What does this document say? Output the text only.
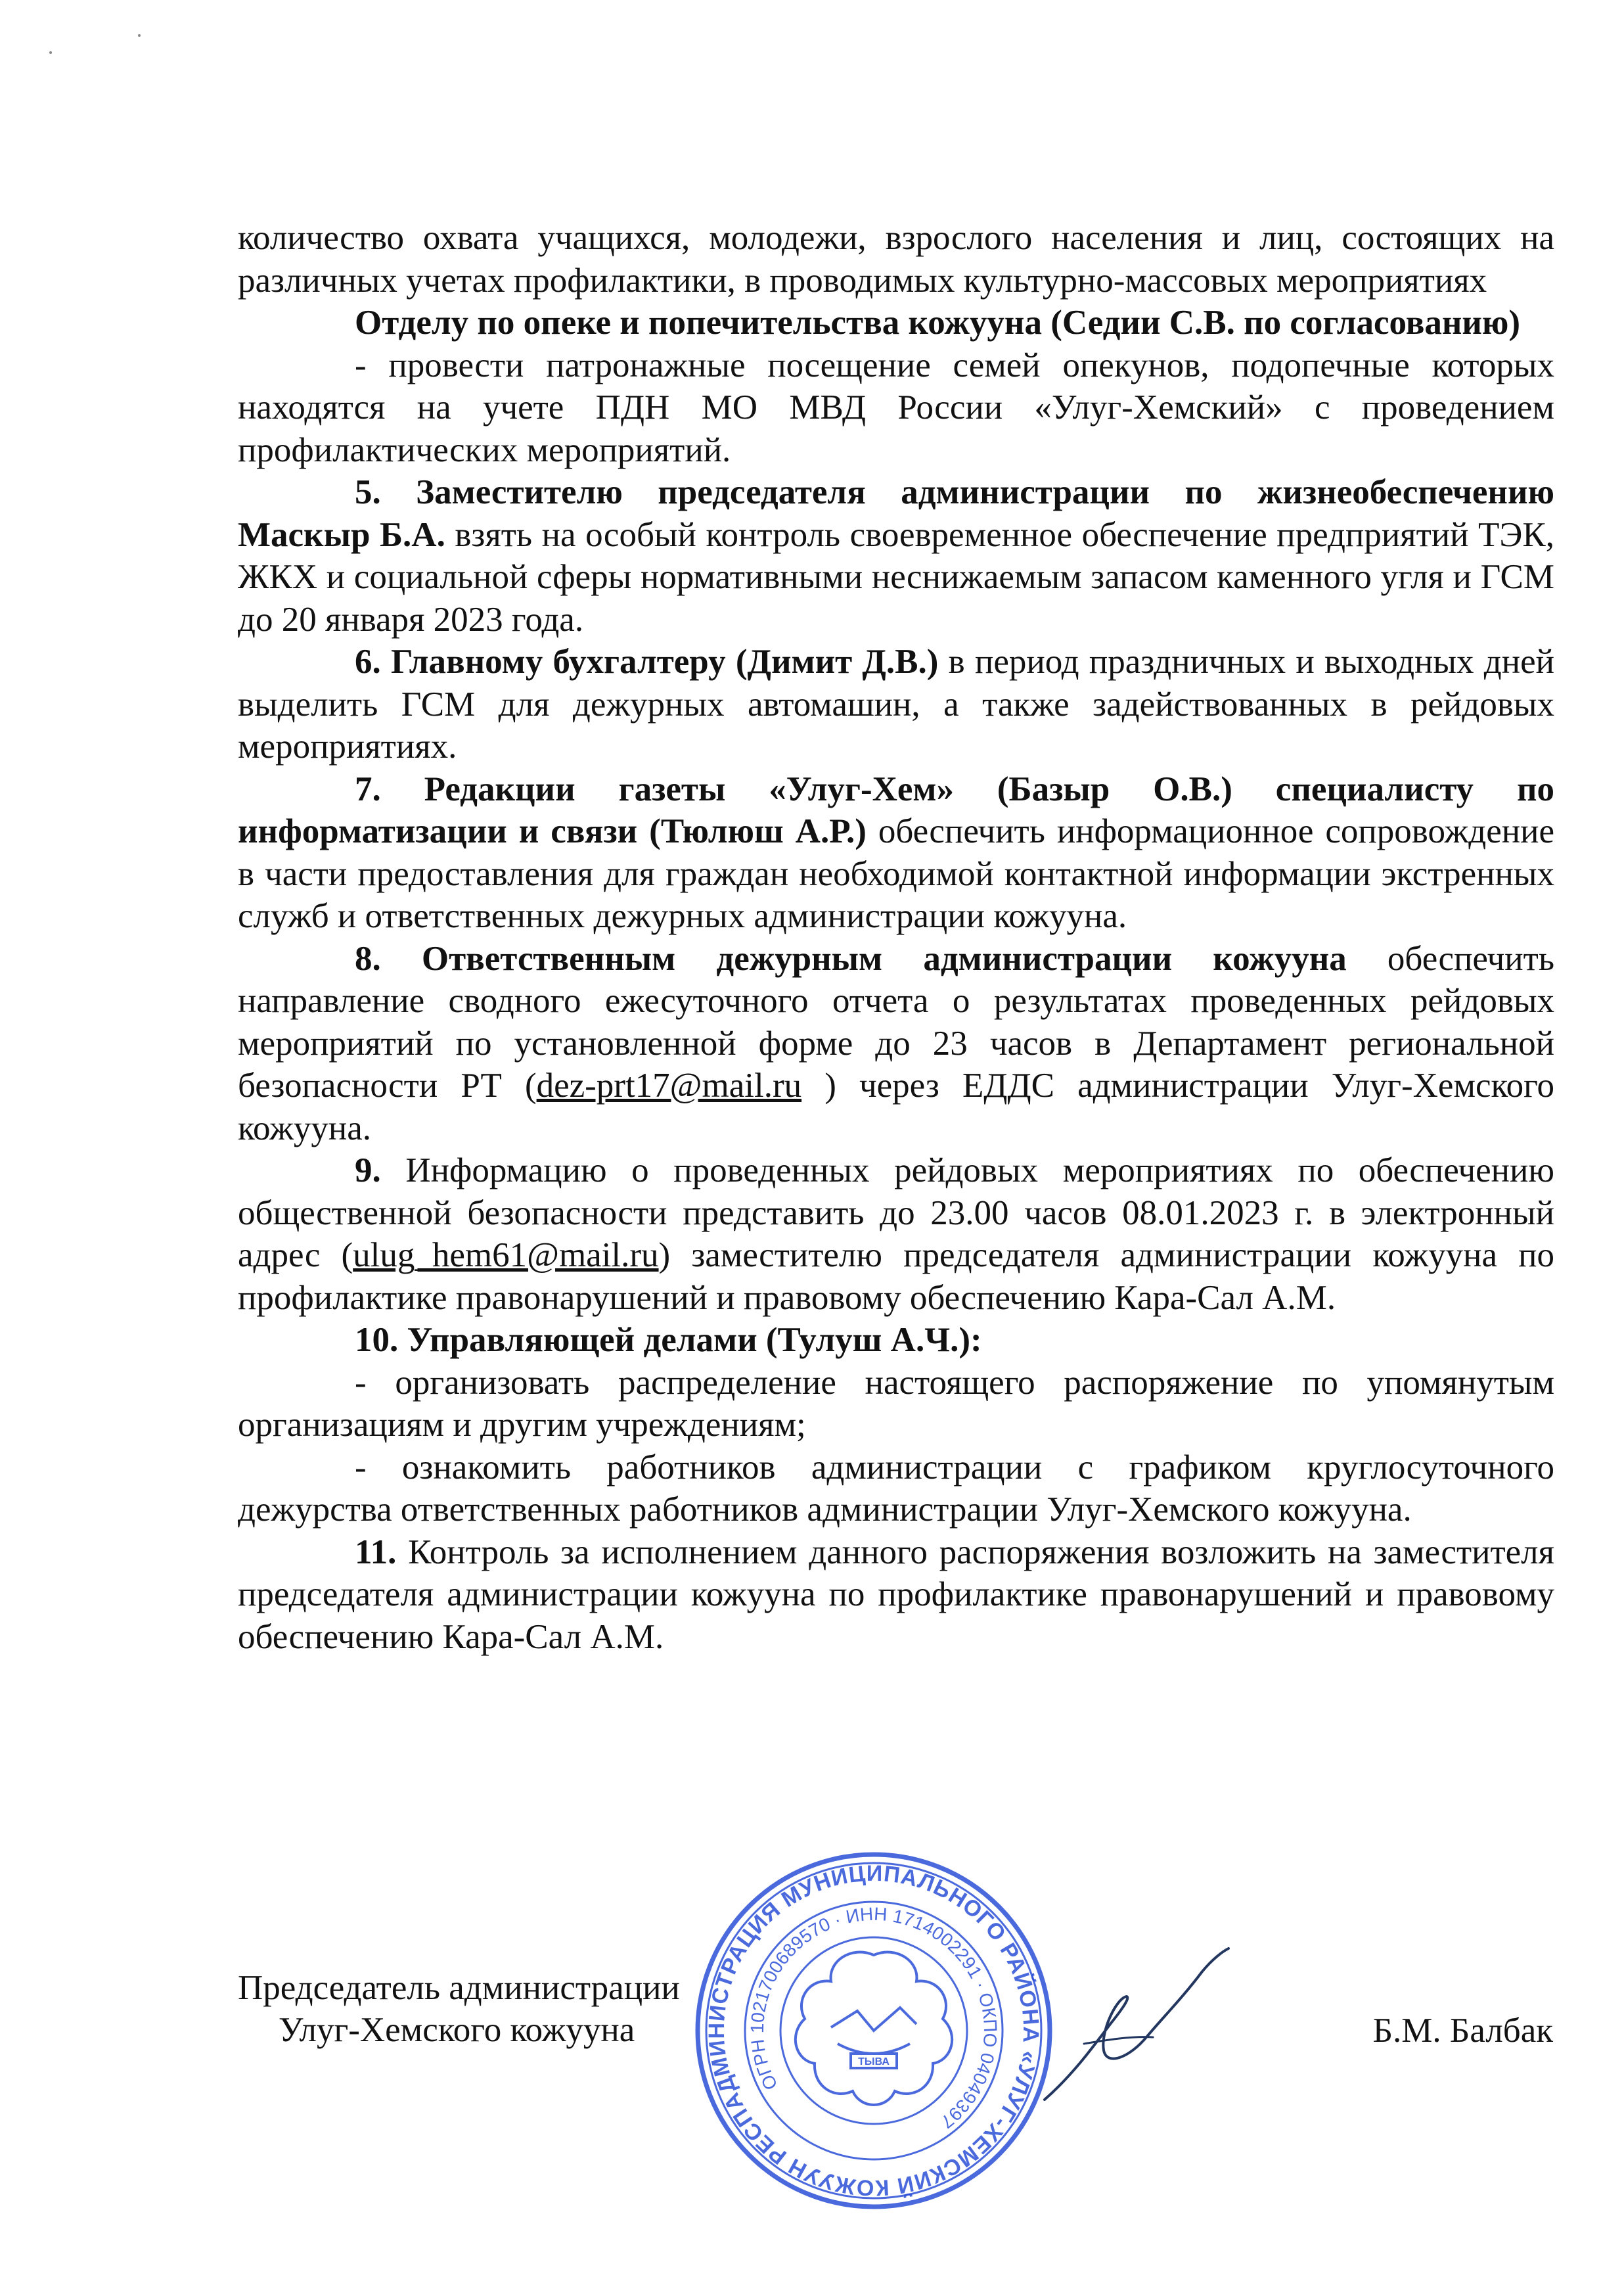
количество охвата учащихся, молодежи, взрослого населения и лиц, состоящих на различных учетах профилактики, в проводимых культурно-массовых мероприятиях

Отделу по опеке и попечительства кожууна (Седии С.В. по согласованию)

- провести патронажные посещение семей опекунов, подопечные которых находятся на учете ПДН МО МВД России «Улуг-Хемский» с проведением профилактических мероприятий.

5. Заместителю председателя администрации по жизнеобеспечению Маскыр Б.А. взять на особый контроль своевременное обеспечение предприятий ТЭК, ЖКХ и социальной сферы нормативными неснижаемым запасом каменного угля и ГСМ до 20 января 2023 года.

6. Главному бухгалтеру (Димит Д.В.) в период праздничных и выходных дней выделить ГСМ для дежурных автомашин, а также задействованных в рейдовых мероприятиях.

7. Редакции газеты «Улуг-Хем» (Базыр О.В.) специалисту по информатизации и связи (Тюлюш А.Р.) обеспечить информационное сопровождение в части предоставления для граждан необходимой контактной информации экстренных служб и ответственных дежурных администрации кожууна.

8. Ответственным дежурным администрации кожууна обеспечить направление сводного ежесуточного отчета о результатах проведенных рейдовых мероприятий по установленной форме до 23 часов в Департамент региональной безопасности РТ (dez-prt17@mail.ru ) через ЕДДС администрации Улуг-Хемского кожууна.

9. Информацию о проведенных рейдовых мероприятиях по обеспечению общественной безопасности представить до 23.00 часов 08.01.2023 г. в электронный адрес (ulug_hem61@mail.ru) заместителю председателя администрации кожууна по профилактике правонарушений и правовому обеспечению Кара-Сал А.М.

10. Управляющей делами (Тулуш А.Ч.):

- организовать распределение настоящего распоряжение по упомянутым организациям и другим учреждениям;

- ознакомить работников администрации с графиком круглосуточного дежурства ответственных работников администрации Улуг-Хемского кожууна.

11. Контроль за исполнением данного распоряжения возложить на заместителя председателя администрации кожууна по профилактике правонарушений и правовому обеспечению Кара-Сал А.М.

Председатель администрации
Улуг-Хемского кожууна	Б.М. Балбак
АДМИНИСТРАЦИЯ МУНИЦИПАЛЬНОГО РАЙОНА «УЛУГ-ХЕМСКИЙ КОЖУУН РЕСПУБЛИКИ
ОГРН 1021700689570 · ИНН 1714002291 · ОКПО 04049397
ТЫВА
